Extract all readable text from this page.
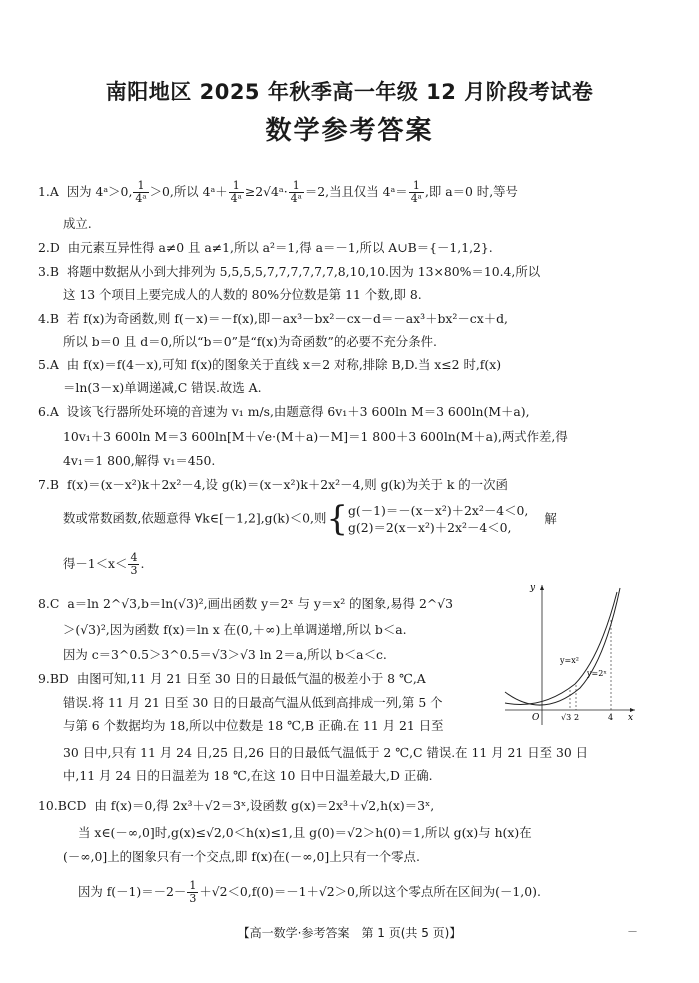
南阳地区 2025 年秋季高一年级 12 月阶段考试卷
数学参考答案
1.A 因为 4ᵃ＞0, $\frac{1}{\text{4ᵃ}} >0$,所以 4ᵃ＋ $\frac{1}{\text{4ᵃ}}$ ≥2√4ᵃ· $\frac{1}{\text{4ᵃ}} =2$,当且仅当 4ᵃ＝ $\frac{1}{\text{4ᵃ}}$ ,即 a＝0 时,等号
成立.
2.D 由元素互异性得 a≠0 且 a≠1,所以 a²＝1,得 a＝－1,所以 A∪B＝{－1,1,2}.
3.B 将题中数据从小到大排列为 5,5,5,5,7,7,7,7,7,7,8,10,10.因为 13×80%＝10.4,所以
这 13 个项目上要完成人的人数的 80%分位数是第 11 个数,即 8.
4.B 若 f(x)为奇函数,则 f(－x)＝－f(x),即－ax³－bx²－cx－d＝－ax³＋bx²－cx＋d,
所以 b＝0 且 d＝0,所以“b＝0”是“f(x)为奇函数”的必要不充分条件.
5.A 由 f(x)＝f(4－x),可知 f(x)的图象关于直线 x＝2 对称,排除 B,D.当 x≤2 时,f(x)
＝ln(3－x)单调递减,C 错误.故选 A.
6.A 设该飞行器所处环境的音速为 v₁ m/s,由题意得 6v₁＋3 600ln M＝3 600ln(M＋a),
10v₁＋3 600ln M＝3 600ln[M＋√e·(M＋a)－M]＝1 800＋3 600ln(M＋a),两式作差,得
4v₁＝1 800,解得 v₁＝450.
7.B f(x)＝(x－x²)k＋2x²－4,设 g(k)＝(x－x²)k＋2x²－4,则 g(k)为关于 k 的一次函
数或常数函数,依题意得 ∀k∈[－1,2],g(k)＜0,则{ g(－1)＝－(x－x²)＋2x²－4＜0,
g(2)＝2(x－x²)＋2x²－4＜0,
解
得$-1<x< \frac{4}{3}$ .
8.C a＝ln 2^√3,b＝ln(√3)²,画出函数 y＝2ˣ 与 y＝x² 的图象,易得 2^√3
＞(√3)²,因为函数 f(x)＝ln x 在(0,＋∞)上单调递增,所以 b＜a.
因为 c＝3^0.5＞3^0.5＝√3＞√3 ln 2＝a,所以 b＜a＜c.
9.BD 由图可知,11 月 21 日至 30 日的日最低气温的极差小于 8 ℃,A
错误.将 11 月 21 日至 30 日的日最高气温从低到高排成一列,第 5 个
与第 6 个数据均为 18,所以中位数是 18 ℃,B 正确.在 11 月 21 日至
30 日中,只有 11 月 24 日,25 日,26 日的日最低气温低于 2 ℃,C 错误.在 11 月 21 日至 30 日
中,11 月 24 日的日温差为 18 ℃,在这 10 日中日温差最大,D 正确.
10.BCD 由 f(x)＝0,得 2x³＋√2＝3ˣ,设函数 g(x)＝2x³＋√2,h(x)＝3ˣ,
当 x∈(－∞,0]时,g(x)≤√2,0＜h(x)≤1,且 g(0)＝√2＞h(0)＝1,所以 g(x)与 h(x)在
(－∞,0]上的图象只有一个交点,即 f(x)在(－∞,0]上只有一个零点.
因为 $f(-1)=-2- \frac{1}{3} +√2<0,f(0)=-1+√2>0$,所以这个零点所在区间为(－1,0).
y
x
O
y=x²
y=2ˣ
√3 2	4
【高一数学·参考答案　第 1 页(共 5 页)】	—
